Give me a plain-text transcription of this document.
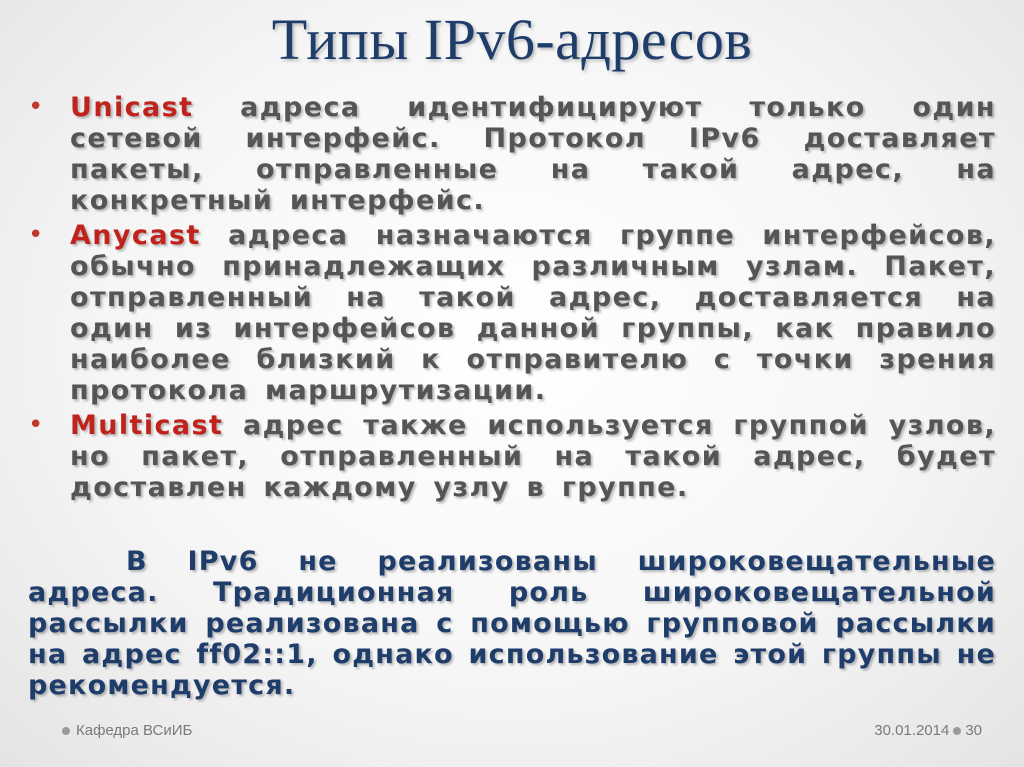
Типы IPv6-адресов
• Unicast адреса идентифицируют только один сетевой интерфейс. Протокол IPv6 доставляет пакеты, отправленные на такой адрес, на конкретный интерфейс.
• Anycast адреса назначаются группе интерфейсов, обычно принадлежащих различным узлам. Пакет, отправленный на такой адрес, доставляется на один из интерфейсов данной группы, как правило наиболее близкий к отправителю с точки зрения протокола маршрутизации.
• Multicast адрес также используется группой узлов, но пакет, отправленный на такой адрес, будет доставлен каждому узлу в группе.
В IPv6 не реализованы широковещательные адреса. Традиционная роль широковещательной рассылки реализована с помощью групповой рассылки на адрес ff02::1, однако использование этой группы не рекомендуется.
Кафедра ВСиИБ	30.01.2014 30
